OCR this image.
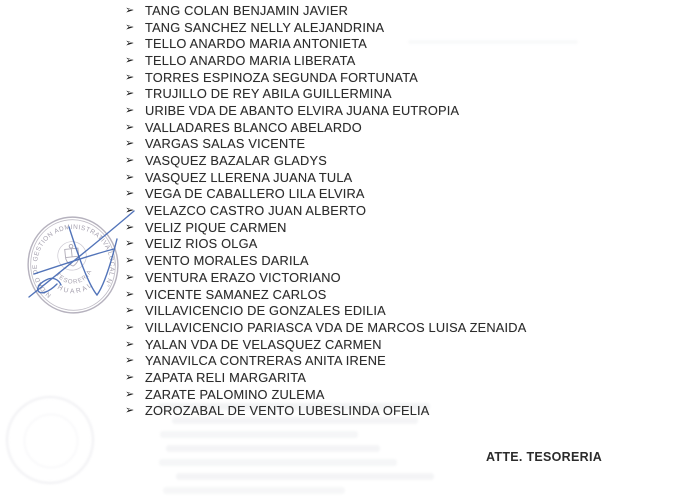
➢ TANG COLAN BENJAMIN JAVIER
➢ TANG SANCHEZ NELLY ALEJANDRINA
➢ TELLO ANARDO MARIA ANTONIETA
➢ TELLO ANARDO MARIA LIBERATA
➢ TORRES ESPINOZA SEGUNDA FORTUNATA
➢ TRUJILLO DE REY ABILA GUILLERMINA
➢ URIBE VDA DE ABANTO ELVIRA JUANA EUTROPIA
➢ VALLADARES BLANCO ABELARDO
➢ VARGAS SALAS VICENTE
➢ VASQUEZ BAZALAR GLADYS
➢ VASQUEZ LLERENA JUANA TULA
➢ VEGA DE CABALLERO LILA ELVIRA
➢ VELAZCO CASTRO JUAN ALBERTO
➢ VELIZ PIQUE CARMEN
➢ VELIZ RIOS OLGA
➢ VENTO MORALES DARILA
➢ VENTURA ERAZO VICTORIANO
➢ VICENTE SAMANEZ CARLOS
➢ VILLAVICENCIO DE GONZALES EDILIA
➢ VILLAVICENCIO PARIASCA VDA DE MARCOS LUISA ZENAIDA
➢ YALAN VDA DE VELASQUEZ CARMEN
➢ YANAVILCA CONTRERAS ANITA IRENE
➢ ZAPATA RELI MARGARITA
➢ ZARATE PALOMINO ZULEMA
➢ ZOROZABAL DE VENTO LUBESLINDA OFELIA
UNIDAD DE GESTION ADMINISTRATIVA LOCAL N° 16
TESORERIA
HUARAL
ATTE. TESORERIA
